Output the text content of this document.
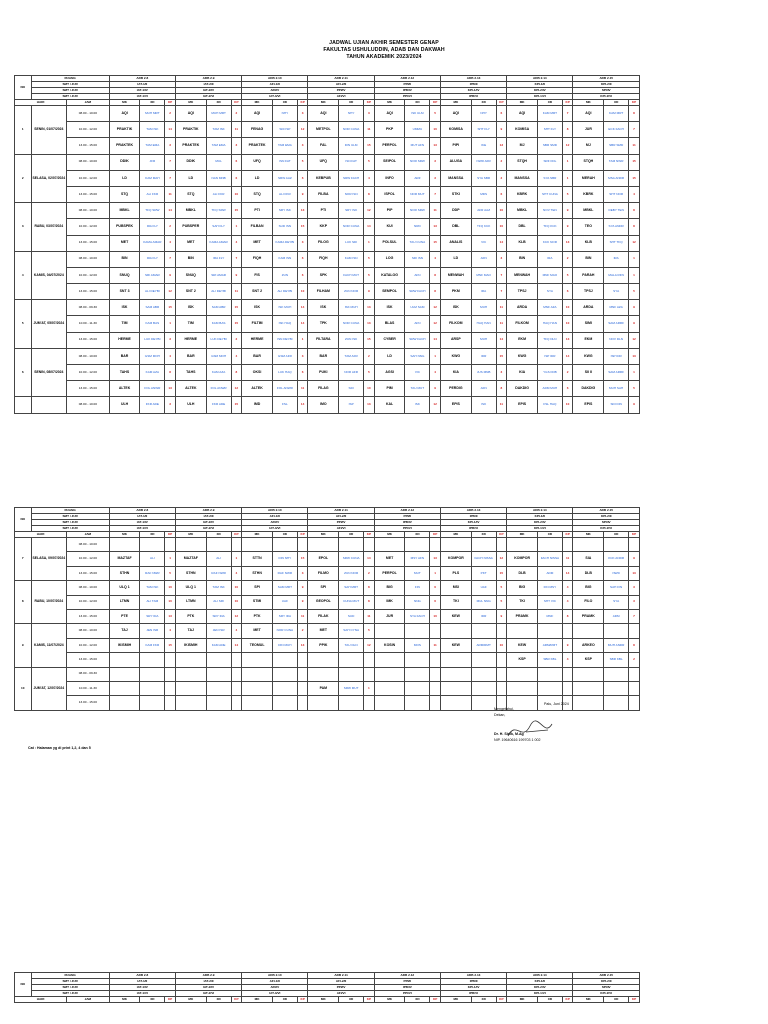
JADWAL UJIAN AKHIR SEMESTER GENAP
FAKULTAS USHULUDDIN, ADAB DAN DAKWAH
TAHUN AKADEMIK 2023/2024
NO	RUANG		ADB 2.8			ADB 2.9			ADB 2.10			ADB 2.11			ADB 2.12			ADB 2.13			ADB 2.14			ADB 2.15		
	SMT / JUR		IAT-1/II			IAT-2/II			AFI-1/II			AFI-2/II			PPI/II			IPB/II			KPI-1/II			KPI-2/II		
	SMT / JUR		IAT-1/IV			IAT-2/IV			AFI/IV			PPI/IV			IPB/IV			KPI-1/IV			KPI-2/IV			SPI/IV		
	SMT / JUR		IAT-1/VI			IAT-2/VI			IAT-3/VI			AFI/VI			PPI/VI			IPB/VI			KPI-1/VI			KPI-2/VI		
HARI		JAM	MK	XD	KP	MK	XD	KP	MK	XD	KP	MK	XD	KP	MK	XD	KP	MK	XD	KP	MK	XD	KP	MK	XD	KP
1	SENIN, 01/07/2024	08.00 - 10.00	AQI	MUH MRT	2	AQI	MUH MRT	2	AQI	NHY	3	AQI	NHY	3	AQI	ISK ULM	5	AQI	NHY	6	AQI	KAM MRT	7	AQI	KAM MRT	8
		10.00 - 12.00	PRAKTIK	TAM ISK	14	PRAKTIK	TAM ISK	11	FENAG	SDI ISP	12	METPOL	NOR CUNA	11	PKP	UMMU	10	KOMISA	SHT FLY	9	KOMISA	SHT FLY	8	JUR	ECK FACH	7
		13.00 - 15.00	PRAKTEK	TAM EMA	3	PRAKTEK	TAM EMA	3	PRAKTEK	TAM EMA	3	FAL	DIN ULM	15	PERPOL	MUT AFN	13	PIPI	IKE	13	MJ	SBR SMD	12	MJ	SBR SMD	11
2	SELASA, 02/07/2024	08.00 - 10.00	DDIK	JFR	7	DDIK	MUL	6	UFQ	ISN FAT	5	UFQ	ISN FAT	5	SEIPOL	NOR SRW	3	ALUGA	NWR AFR	2	STQH	SRF FDL	1	STQH	TAM NWR	15
		10.00 - 12.00	LD	KAM MAH	7	LD	NAN MNB	6	LD	SRW AAZ	6	KEBPUB	SRW FACH	4	INFO	ARZ	3	MANSSA	SYA SBR	2	MANSSA	SYA SBR	1	MERAH	MSA ANDR	15
		13.00 - 15.00	STQ	ALI FKR	11	STQ	ALI FKR	10	STQ	ALI FKR	9	FILBA	NOR ISN	8	ISPOL	NOR MUT	7	STKI	MDS	6	KBRK	SHT CUNA	5	KBRK	SHT NOR	4
3	RABU, 03/07/2024	08.00 - 10.00	MBKL	TFQ SRW	14	MBKL	TFQ SRW	15	PTI	SRY ISK	13	PTI	SRY ISK	12	PIP	NOR SRW	11	DDP	AFR AAZ	10	MBKL	NOV TEN	9	MBKL	DEBY TEN	8
		10.00 - 12.00	PUBSPEK	IRA FLY	2	PUBSPER	SAH FLY	1	FILBAN	SUD ISN	15	KKP	NOR CUNA	14	KUI	NRD	13	DBL	TFQ KCK	10	DBL	TFQ KCK	9	TEO	SYA ANDR	8
		13.00 - 15.00	MET	KAMA AMAR	4	MET	KAMA AMAR	4	MET	KAMA DEYBI	3	FILOG	LUK SDI	1	POLSUL	TAU CUNA	15	ANALIS	VIC	14	KLB	KCK NOR	13	KLB	SHT TFQ	12
4	KAMIS, 04/07/2024	08.00 - 10.00	BIN	IRA FLY	7	BIN	IRA FLY	7	FIQH	KAM ISN	6	FIQH	KAM ISN	5	LOG	SDI ISN	4	LD	AFN	3	BIN	IRA	2	BIN	IRA	1
		10.00 - 12.00	SNUQ	SRI AMAR	9	SNUQ	SRI AMAR	9	FIS	ZUN	6	SPK	FACH MUT	5	KATALOG	AFN	8	MENWAH	MNF MAO	7	MENWAH	MNF MAO	5	PARAH	MALA RFN	1
		13.00 - 15.00	SNT 3	ALI DEYBI	12	SNT 2	ALI DEYBI	11	SNT 2	ALI DEYBI	10	FILHAM	ZUN NOR	9	SEMPOL	SRW FACH	8	PKM	IRA	7	TPSJ	SYA	6	TPSJ	SYA	5
5	JUM'AT, 05/07/2024	08.00 - 09.30	ISK	SAM ABR	15	ISK	SAM ABR	15	ISK	ISK MUH	14	ISK	ISK MUH	13	ISK	ULM SAM	12	ISK	MUH	11	ARDA	MNF AZA	10	ARDA	MNF AZA	9
		10.00 - 11.30	TIM	KAM BAS	1	TIM	KAM BAS	15	FILTIM	ISK HAQ	14	TPK	NOR CUNA	13	BLAS	AFN	12	FILKOM	HAQ HAN	11	FILKOM	HAQ HAN	10	SIMI	SAM ARRF	9
		13.00 - 15.00	HERME	LUK DEYBI	3	HERME	LUK DEYBI	2	HERME	ISN DEYBI	1	FILTARA	ZUN ISK	15	CYBER	SRW FACH	14	ARSP	MUH	14	EKM	TFQ DLN	13	EKM	NOV DLN	12
6	SENIN, 08/07/2024	08.00 - 10.00	BAR	GSM MOH	4	BAR	GSM MOH	4	BAR	GSM AFR	3	BAR	TAM AFR	2	LD	SAH NNG	1	KWG	IDR	15	KWG	ISP IDR	14	KWG	ISP IDR	13
		10.00 - 12.00	TAHS	KAM AZA	8	TAHS	KAM AZA	8	OKSI	LUK HAQ	6	PUKI	NOR AFR	5	AGSI	VIC	4	KIA	JUS MNB	3	KIA	YGS FDB	2	SII II	SAM ARRF	1
		13.00 - 15.00	ALTEK	FOL ANWR	13	ALTEK	FOL ANWR	12	ALTEK	FOL ANWR	11	FILAG	SDI	10	PIM	TAU MUT	9	PERDIG	AFN	8	DAKDIG	ADM MUH	6	DAKDIG	MUH SAH	5
		08.00 - 10.00	ULH	FKR ADE	3	ULH	FKR ADE	15	IMD	FSL	14	IMO	ISP	13	KAL	ISK	12	EPIS	ISK	11	EPIS	FSL HAQ	10	EPIS	SDI DIN	9
NO	RUANG		ADB 2.8			ADB 2.9			ADB 2.10			ADB 2.11			ADB 2.12			ADB 2.13			ADB 2.14			ADB 2.15		
	SMT / JUR		IAT-1/II			IAT-2/II			AFI-1/II			AFI-2/II			PPI/II			IPB/II			KPI-1/II			KPI-2/II		
	SMT / JUR		IAT-1/IV			IAT-2/IV			AFI/IV			PPI/IV			IPB/IV			KPI-1/IV			KPI-2/IV			SPI/IV		
	SMT / JUR		IAT-1/VI			IAT-2/VI			IAT-3/VI			AFI/VI			PPI/VI			IPB/VI			KPI-1/VI			KPI-2/VI		
HARI		JAM	MK	XD	KP	MK	XD	KP	MK	XD	KP	MK	XD	KP	MK	XD	KP	MK	XD	KP	MK	XD	KP	MK	XD	KP
7	SELASA, 09/07/2024	08.00 - 10.00																								
		10.00 - 12.00	MAZTAF	ALI	1	MAZTAF	ALI	1	STTN	DIN NHY	15	EPOL	SRW CUNA	14	MET	MSY AFN	13	KOMPOR	FACH NISSA	12	KOMPOR	FACH NISSA	11	SIA	KCK ANDR	9
		13.00 - 15.00	STHN	RAF NWR	5	STHN	RAF NWR	4	STHN	RAF NWR	3	FILMO	ZUN NOR	2	PERPOL	MUT	1	PLS	PKT	15	DLB	ADM	14	DLB	NWD	13
8	RABU, 10/07/2024	08.00 - 10.00	ULQ 1	TAM ISK	10	ULQ 1	TAM ISK	10	SPI	SAM MRT	9	SPI	SAH MRT	8	BIG	FIN	6	MSI	UAF	5	BIG	FIN MSY	4	BIG	SAH FIN	3
		10.00 - 12.00	LTMN	ALI TAM	10	LTMN	ALI SRI	10	STMI	UAF	9	GEOPOL	CUNA MUT	8	IMK	NNG	6	TKI	MUL NNG	5	TKI	SHT VIC	4	FILO	SYA	3
		13.00 - 15.00	PTE	SRY IDA	13	PTK	SRY IDA	12	PTK	SRY IDA	11	FILAK	SUD	11	JUR	SYA FACH	10	KEW	IDR	9	PRAMK	MNF	8	PRAMK	ADM	7
9	KAMIS, 11/07/2024	08.00 - 10.00	TAJ	JEN ISR	4	TAJ	JEN ISR	4	MET	NOR CUNA	2	MET	SAH CYNA	5												
		10.00 - 12.00	IKISMIH	KAM FKR	15	IKISMIH	KAM ADE	14	TEOMUL	DIN MUH	13	PPIK	TAU DLN	12	KOSIN	MOS	11	KEW	ARM/RMT	10	KEW	ARM/RMT	9	ARKEO	MUH ANDR	8
		13.00 - 15.00																			KSP	SBR KBL	4	KSP	SBR KBL	2
10	JUM'AT, 12/07/2024	08.00 - 09.30																								
		10.00 - 11.30										PAM	SRW MUT	1												
		13.00 - 15.00																								
NO	RUANG		ADB 2.8			ADB 2.9			ADB 2.10			ADB 2.11			ADB 2.12			ADB 2.13			ADB 2.14			ADB 2.15		
	SMT / JUR		IAT-1/II			IAT-2/II			AFI-1/II			AFI-2/II			PPI/II			IPB/II			KPI-1/II			KPI-2/II		
	SMT / JUR		IAT-1/IV			IAT-2/IV			AFI/IV			PPI/IV			IPB/IV			KPI-1/IV			KPI-2/IV			SPI/IV		
	SMT / JUR		IAT-1/VI			IAT-2/VI			IAT-3/VI			AFI/VI			PPI/VI			IPB/VI			KPI-1/VI			KPI-2/VI		
HARI		JAM	MK	XD	KP	MK	XD	KP	MK	XD	KP	MK	XD	KP	MK	XD	KP	MK	XD	KP	MK	XD	KP	MK	XD	KP
Cat : Halaman yg di print 1,2, 4 dan 5
Palu, Juni 2024
Mengetahui,
Dekan,
Dr. H. Sidik, M.Ag
NIP. 19640616 199703 1 002
